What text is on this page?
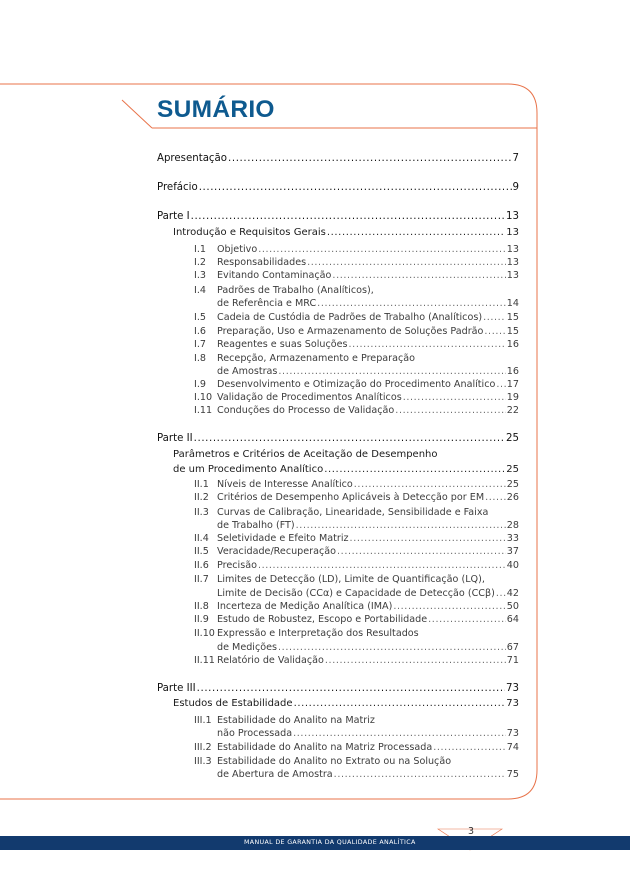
SUMÁRIO
Apresentação .....	7
Prefácio .....	9
Parte I .....	13
Introdução e Requisitos Gerais .....	13
I.1 Objetivo .....	13
I.2 Responsabilidades .....	13
I.3 Evitando Contaminação .....	13
I.4 Padrões de Trabalho (Analíticos),
de Referência e MRC .....	14
I.5 Cadeia de Custódia de Padrões de Trabalho (Analíticos) .....	15
I.6 Preparação, Uso e Armazenamento de Soluções Padrão ..... 15
I.7 Reagentes e suas Soluções .....	16
I.8 Recepção, Armazenamento e Preparação
de Amostras .....	16
I.9 Desenvolvimento e Otimização do Procedimento Analítico ..... 17
I.10 Validação de Procedimentos Analíticos .....	19
I.11 Conduções do Processo de Validação .....	22
Parte II .....	25
Parâmetros e Critérios de Aceitação de Desempenho
de um Procedimento Analítico .....	25
II.1 Níveis de Interesse Analítico .....	25
II.2 Critérios de Desempenho Aplicáveis à Detecção por EM ..... 26
II.3 Curvas de Calibração, Linearidade, Sensibilidade e Faixa
de Trabalho (FT) .....	28
II.4 Seletividade e Efeito Matriz .....	33
II.5 Veracidade/Recuperação .....	37
II.6 Precisão .....	40
II.7 Limites de Detecção (LD), Limite de Quantificação (LQ),
Limite de Decisão (CCα) e Capacidade de Detecção (CCβ) ..... 42
II.8 Incerteza de Medição Analítica (IMA) .....	50
II.9 Estudo de Robustez, Escopo e Portabilidade .....	64
II.10 Expressão e Interpretação dos Resultados
de Medições .....	67
II.11 Relatório de Validação .....	71
Parte III .....	73
Estudos de Estabilidade .....	73
III.1 Estabilidade do Analito na Matriz
não Processada .....	73
III.2 Estabilidade do Analito na Matriz Processada .....	74
III.3 Estabilidade do Analito no Extrato ou na Solução
de Abertura de Amostra .....	75
MANUAL DE GARANTIA DA QUALIDADE ANALÍTICA
3
